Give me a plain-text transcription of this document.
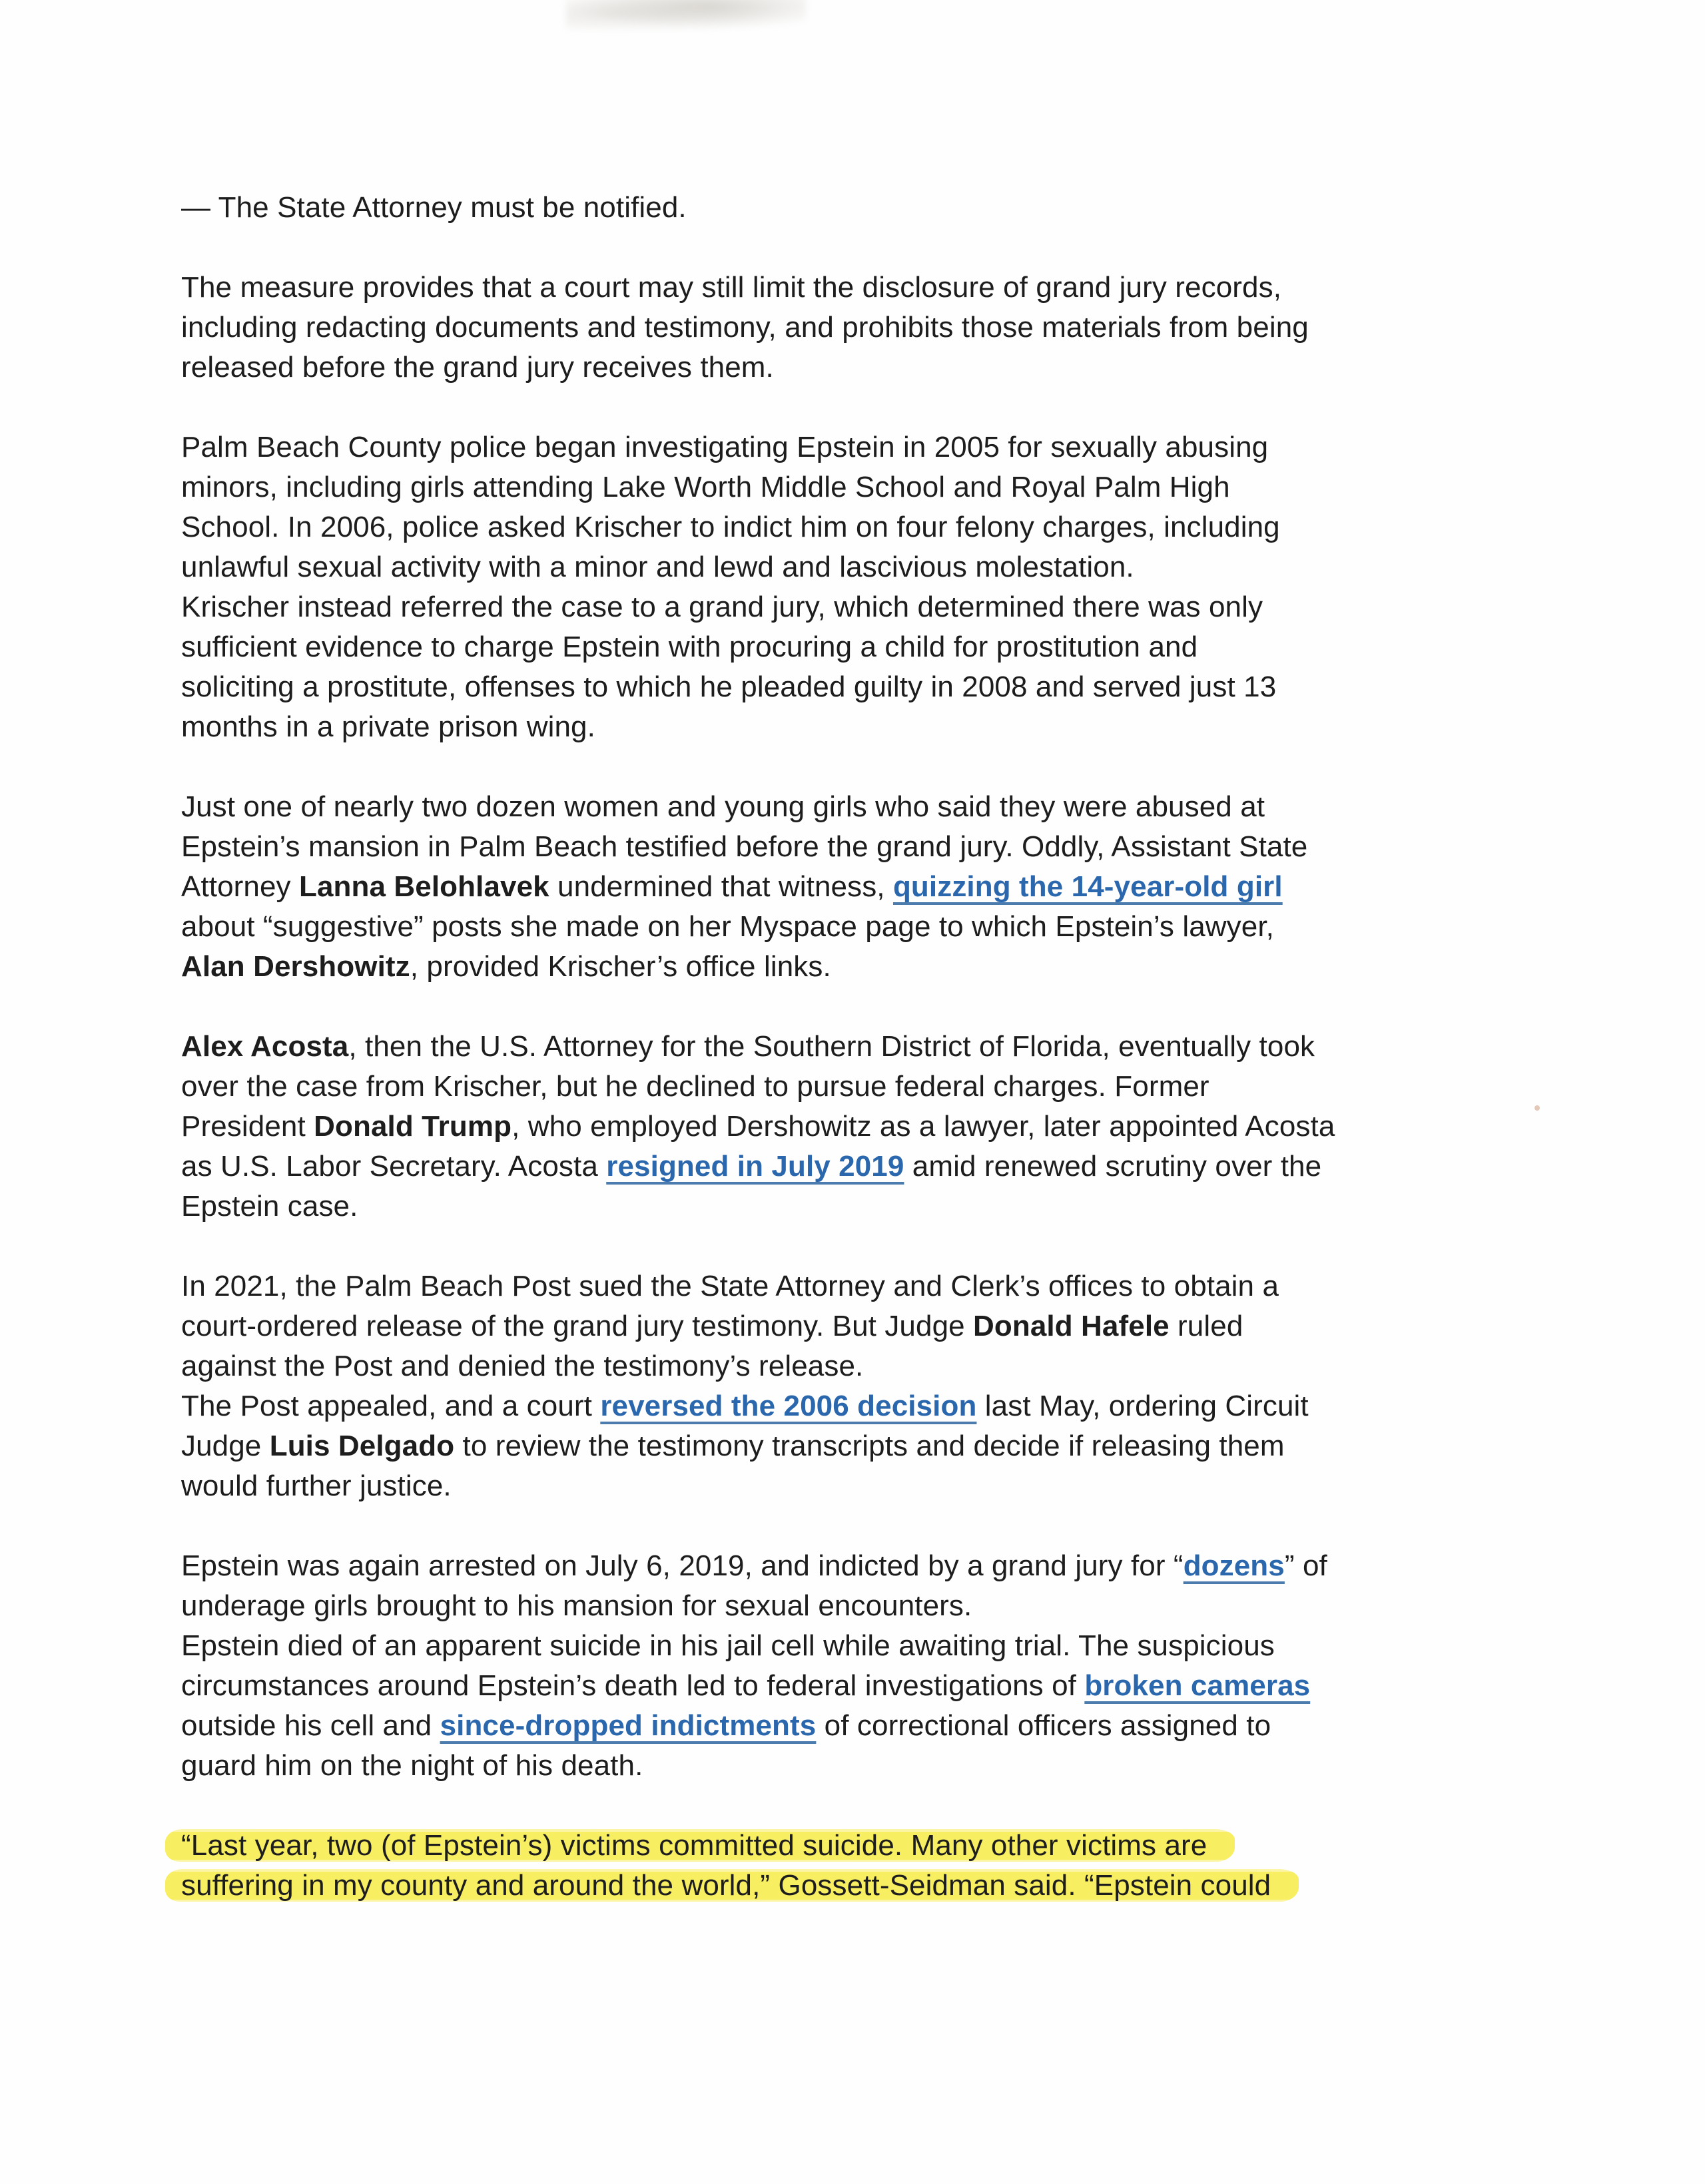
— The State Attorney must be notified.

The measure provides that a court may still limit the disclosure of grand jury records,
including redacting documents and testimony, and prohibits those materials from being
released before the grand jury receives them.

Palm Beach County police began investigating Epstein in 2005 for sexually abusing
minors, including girls attending Lake Worth Middle School and Royal Palm High
School. In 2006, police asked Krischer to indict him on four felony charges, including
unlawful sexual activity with a minor and lewd and lascivious molestation.
Krischer instead referred the case to a grand jury, which determined there was only
sufficient evidence to charge Epstein with procuring a child for prostitution and
soliciting a prostitute, offenses to which he pleaded guilty in 2008 and served just 13
months in a private prison wing.

Just one of nearly two dozen women and young girls who said they were abused at
Epstein’s mansion in Palm Beach testified before the grand jury. Oddly, Assistant State
Attorney Lanna Belohlavek undermined that witness, quizzing the 14-year-old girl
about “suggestive” posts she made on her Myspace page to which Epstein’s lawyer,
Alan Dershowitz, provided Krischer’s office links.

Alex Acosta, then the U.S. Attorney for the Southern District of Florida, eventually took
over the case from Krischer, but he declined to pursue federal charges. Former
President Donald Trump, who employed Dershowitz as a lawyer, later appointed Acosta
as U.S. Labor Secretary. Acosta resigned in July 2019 amid renewed scrutiny over the
Epstein case.

In 2021, the Palm Beach Post sued the State Attorney and Clerk’s offices to obtain a
court-ordered release of the grand jury testimony. But Judge Donald Hafele ruled
against the Post and denied the testimony’s release.
The Post appealed, and a court reversed the 2006 decision last May, ordering Circuit
Judge Luis Delgado to review the testimony transcripts and decide if releasing them
would further justice.

Epstein was again arrested on July 6, 2019, and indicted by a grand jury for “dozens” of
underage girls brought to his mansion for sexual encounters.
Epstein died of an apparent suicide in his jail cell while awaiting trial. The suspicious
circumstances around Epstein’s death led to federal investigations of broken cameras
outside his cell and since-dropped indictments of correctional officers assigned to
guard him on the night of his death.

“Last year, two (of Epstein’s) victims committed suicide. Many other victims are
suffering in my county and around the world,” Gossett-Seidman said. “Epstein could
